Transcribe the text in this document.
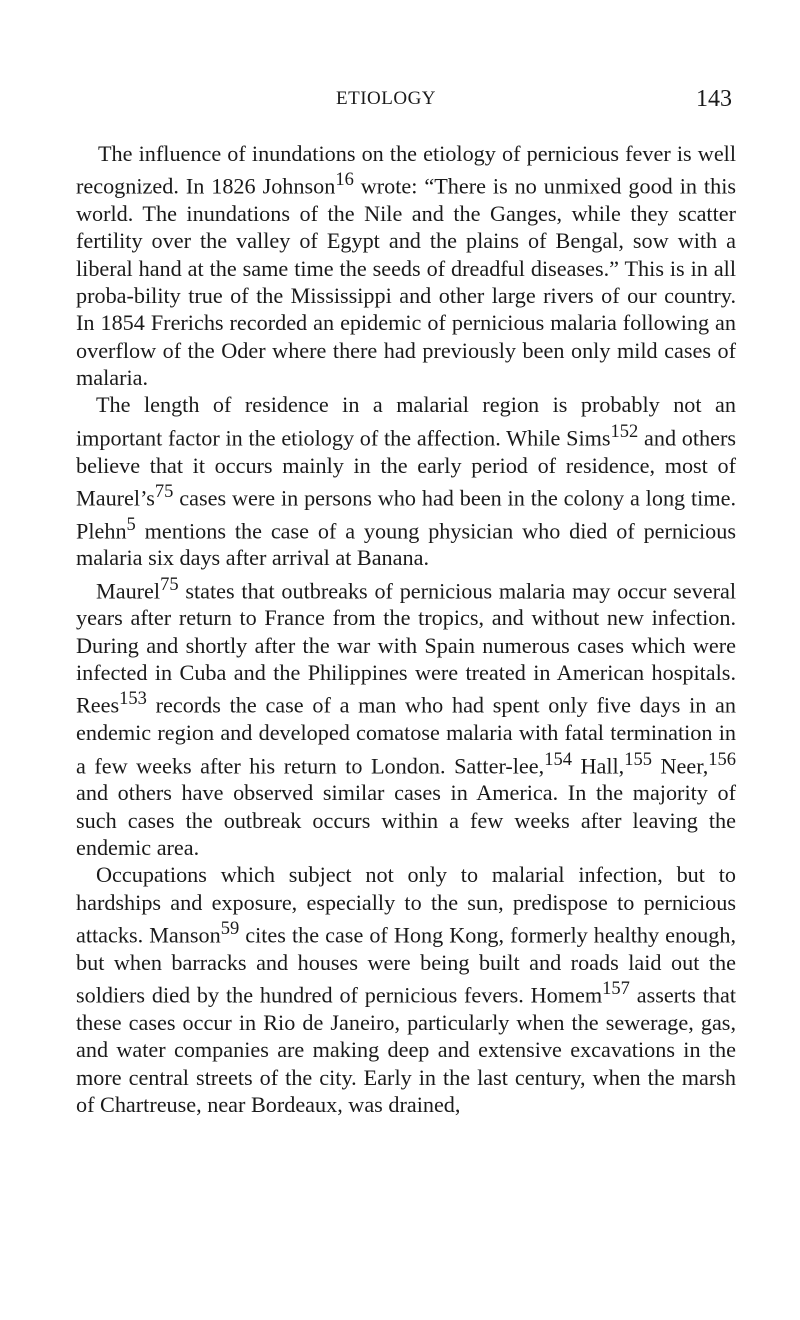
ETIOLOGY	143

The influence of inundations on the etiology of pernicious fever is well recognized. In 1826 Johnson$^{16}$ wrote: “There is no unmixed good in this world. The inundations of the Nile and the Ganges, while they scatter fertility over the valley of Egypt and the plains of Bengal, sow with a liberal hand at the same time the seeds of dreadful diseases.” This is in all proba-bility true of the Mississippi and other large rivers of our country. In 1854 Frerichs recorded an epidemic of pernicious malaria following an overflow of the Oder where there had previously been only mild cases of malaria.

The length of residence in a malarial region is probably not an important factor in the etiology of the affection. While Sims$^{152}$ and others believe that it occurs mainly in the early period of residence, most of $Maurel’s^{75}$ cases were in persons who had been in the colony a long time. Plehn$^5$ mentions the case of a young physician who died of pernicious malaria six days after arrival at Banana.

Maurel$^{75}$ states that outbreaks of pernicious malaria may occur several years after return to France from the tropics, and without new infection. During and shortly after the war with Spain numerous cases which were infected in Cuba and the Philippines were treated in American hospitals. Rees$^{153}$ records the case of a man who had spent only five days in an endemic region and developed comatose malaria with fatal termination in a few weeks after his return to London. Satter-lee,$^{154}$ Hall,$^{155}$ Neer,$^{156}$ and others have observed similar cases in America. In the majority of such cases the outbreak occurs within a few weeks after leaving the endemic area.

Occupations which subject not only to malarial infection, but to hardships and exposure, especially to the sun, predispose to pernicious attacks. Manson$^{59}$ cites the case of Hong Kong, formerly healthy enough, but when barracks and houses were being built and roads laid out the soldiers died by the hundred of pernicious fevers. Homem$^{157}$ asserts that these cases occur in Rio de Janeiro, particularly when the sewerage, gas, and water companies are making deep and extensive excavations in the more central streets of the city. Early in the last century, when the marsh of Chartreuse, near Bordeaux, was drained,
